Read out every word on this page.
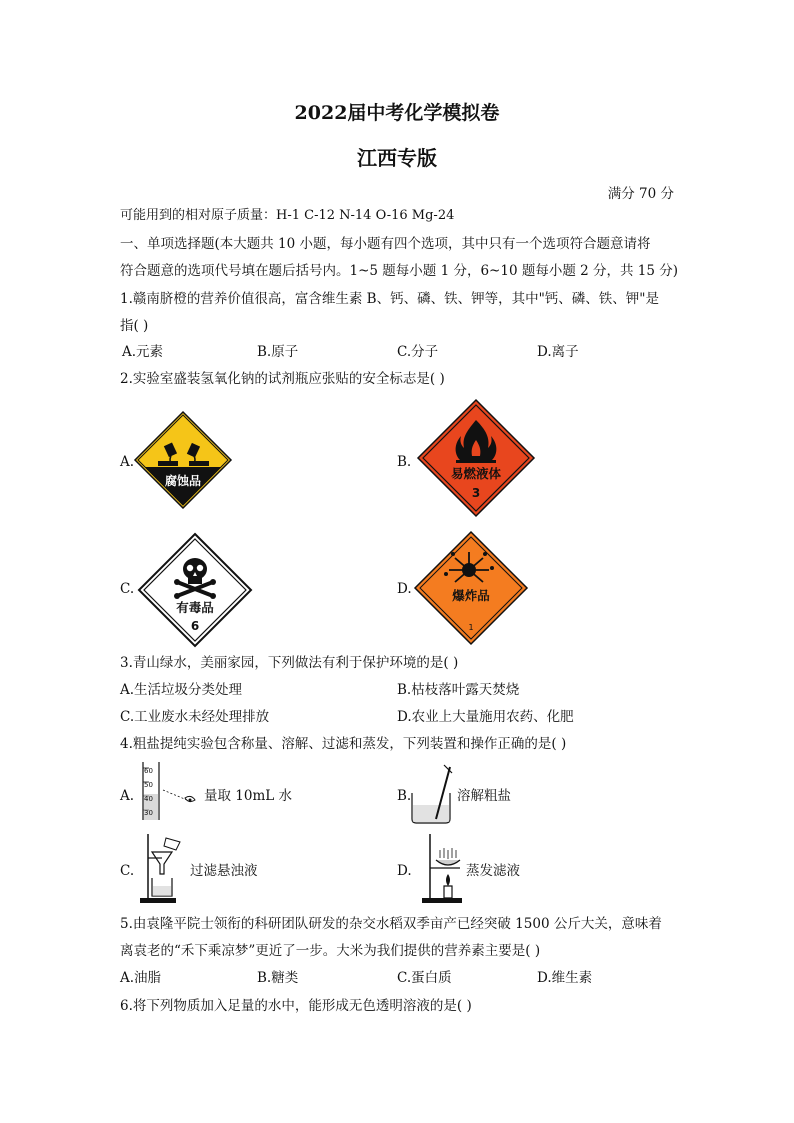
2022届中考化学模拟卷
江西专版
满分 70 分
可能用到的相对原子质量：H-1 C-12 N-14 O-16 Mg-24
一、单项选择题(本大题共 10 小题，每小题有四个选项，其中只有一个选项符合题意请将
符合题意的选项代号填在题后括号内。1~5 题每小题 1 分，6~10 题每小题 2 分，共 15 分)
1.赣南脐橙的营养价值很高，富含维生素 B、钙、磷、铁、钾等，其中"钙、磷、铁、钾"是
指( )
A.元素	B.原子	C.分子	D.离子
2.实验室盛装氢氧化钠的试剂瓶应张贴的安全标志是( )
A.
腐蚀品
B.
易燃液体
3
C.
有毒品
6
D.	爆炸品
1
3.青山绿水，美丽家园，下列做法有利于保护环境的是( )
A.生活垃圾分类处理	B.枯枝落叶露天焚烧
C.工业废水未经处理排放	D.农业上大量施用农药、化肥
4.粗盐提纯实验包含称量、溶解、过滤和蒸发，下列装置和操作正确的是( )
A.
60
50
40
30
量取 10mL 水	B.	溶解粗盐
C.	过滤悬浊液	D.	蒸发滤液
5.由袁隆平院士领衔的科研团队研发的杂交水稻双季亩产已经突破 1500 公斤大关，意味着
离袁老的“禾下乘凉梦”更近了一步。大米为我们提供的营养素主要是( )
A.油脂	B.糖类	C.蛋白质	D.维生素
6.将下列物质加入足量的水中，能形成无色透明溶液的是( )
